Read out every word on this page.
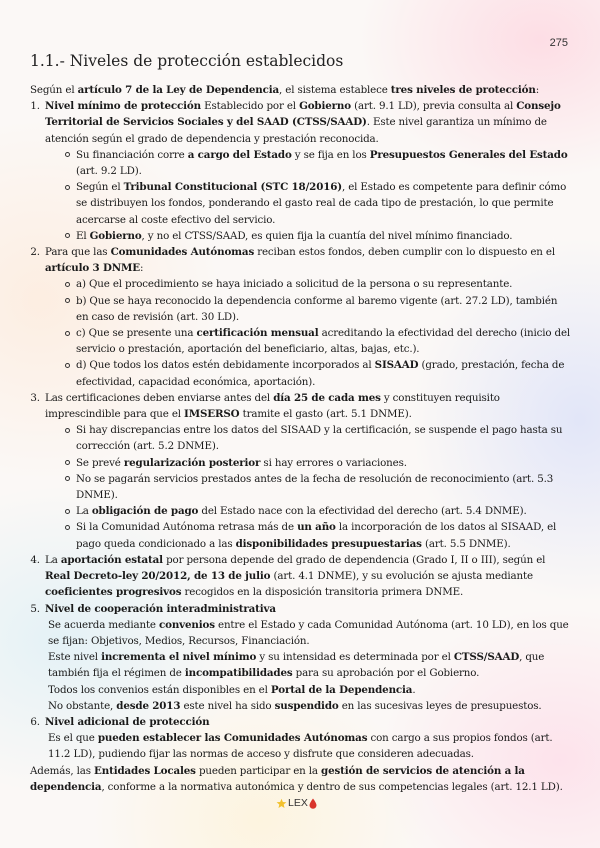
275
1.1.- Niveles de protección establecidos

Según el artículo 7 de la Ley de Dependencia, el sistema establece tres niveles de protección:

1. Nivel mínimo de protección Establecido por el Gobierno (art. 9.1 LD), previa consulta al Consejo Territorial de Servicios Sociales y del SAAD (CTSS/SAAD). Este nivel garantiza un mínimo de atención según el grado de dependencia y prestación reconocida.
Su financiación corre a cargo del Estado y se fija en los Presupuestos Generales del Estado (art. 9.2 LD).
Según el Tribunal Constitucional (STC 18/2016), el Estado es competente para definir cómo se distribuyen los fondos, ponderando el gasto real de cada tipo de prestación, lo que permite acercarse al coste efectivo del servicio.
El Gobierno, y no el CTSS/SAAD, es quien fija la cuantía del nivel mínimo financiado.
2. Para que las Comunidades Autónomas reciban estos fondos, deben cumplir con lo dispuesto en el artículo 3 DNME:
a) Que el procedimiento se haya iniciado a solicitud de la persona o su representante.
b) Que se haya reconocido la dependencia conforme al baremo vigente (art. 27.2 LD), también en caso de revisión (art. 30 LD).
c) Que se presente una certificación mensual acreditando la efectividad del derecho (inicio del servicio o prestación, aportación del beneficiario, altas, bajas, etc.).
d) Que todos los datos estén debidamente incorporados al SISAAD (grado, prestación, fecha de efectividad, capacidad económica, aportación).
3. Las certificaciones deben enviarse antes del día 25 de cada mes y constituyen requisito imprescindible para que el IMSERSO tramite el gasto (art. 5.1 DNME).
Si hay discrepancias entre los datos del SISAAD y la certificación, se suspende el pago hasta su corrección (art. 5.2 DNME).
Se prevé regularización posterior si hay errores o variaciones.
No se pagarán servicios prestados antes de la fecha de resolución de reconocimiento (art. 5.3 DNME).
La obligación de pago del Estado nace con la efectividad del derecho (art. 5.4 DNME).
Si la Comunidad Autónoma retrasa más de un año la incorporación de los datos al SISAAD, el pago queda condicionado a las disponibilidades presupuestarias (art. 5.5 DNME).
4. La aportación estatal por persona depende del grado de dependencia (Grado I, II o III), según el Real Decreto-ley 20/2012, de 13 de julio (art. 4.1 DNME), y su evolución se ajusta mediante coeficientes progresivos recogidos en la disposición transitoria primera DNME.
5. Nivel de cooperación interadministrativa
Se acuerda mediante convenios entre el Estado y cada Comunidad Autónoma (art. 10 LD), en los que se fijan: Objetivos, Medios, Recursos, Financiación.
Este nivel incrementa el nivel mínimo y su intensidad es determinada por el CTSS/SAAD, que también fija el régimen de incompatibilidades para su aprobación por el Gobierno.
Todos los convenios están disponibles en el Portal de la Dependencia.
No obstante, desde 2013 este nivel ha sido suspendido en las sucesivas leyes de presupuestos.
6. Nivel adicional de protección
Es el que pueden establecer las Comunidades Autónomas con cargo a sus propios fondos (art. 11.2 LD), pudiendo fijar las normas de acceso y disfrute que consideren adecuadas.

Además, las Entidades Locales pueden participar en la gestión de servicios de atención a la dependencia, conforme a la normativa autonómica y dentro de sus competencias legales (art. 12.1 LD).

LEX
